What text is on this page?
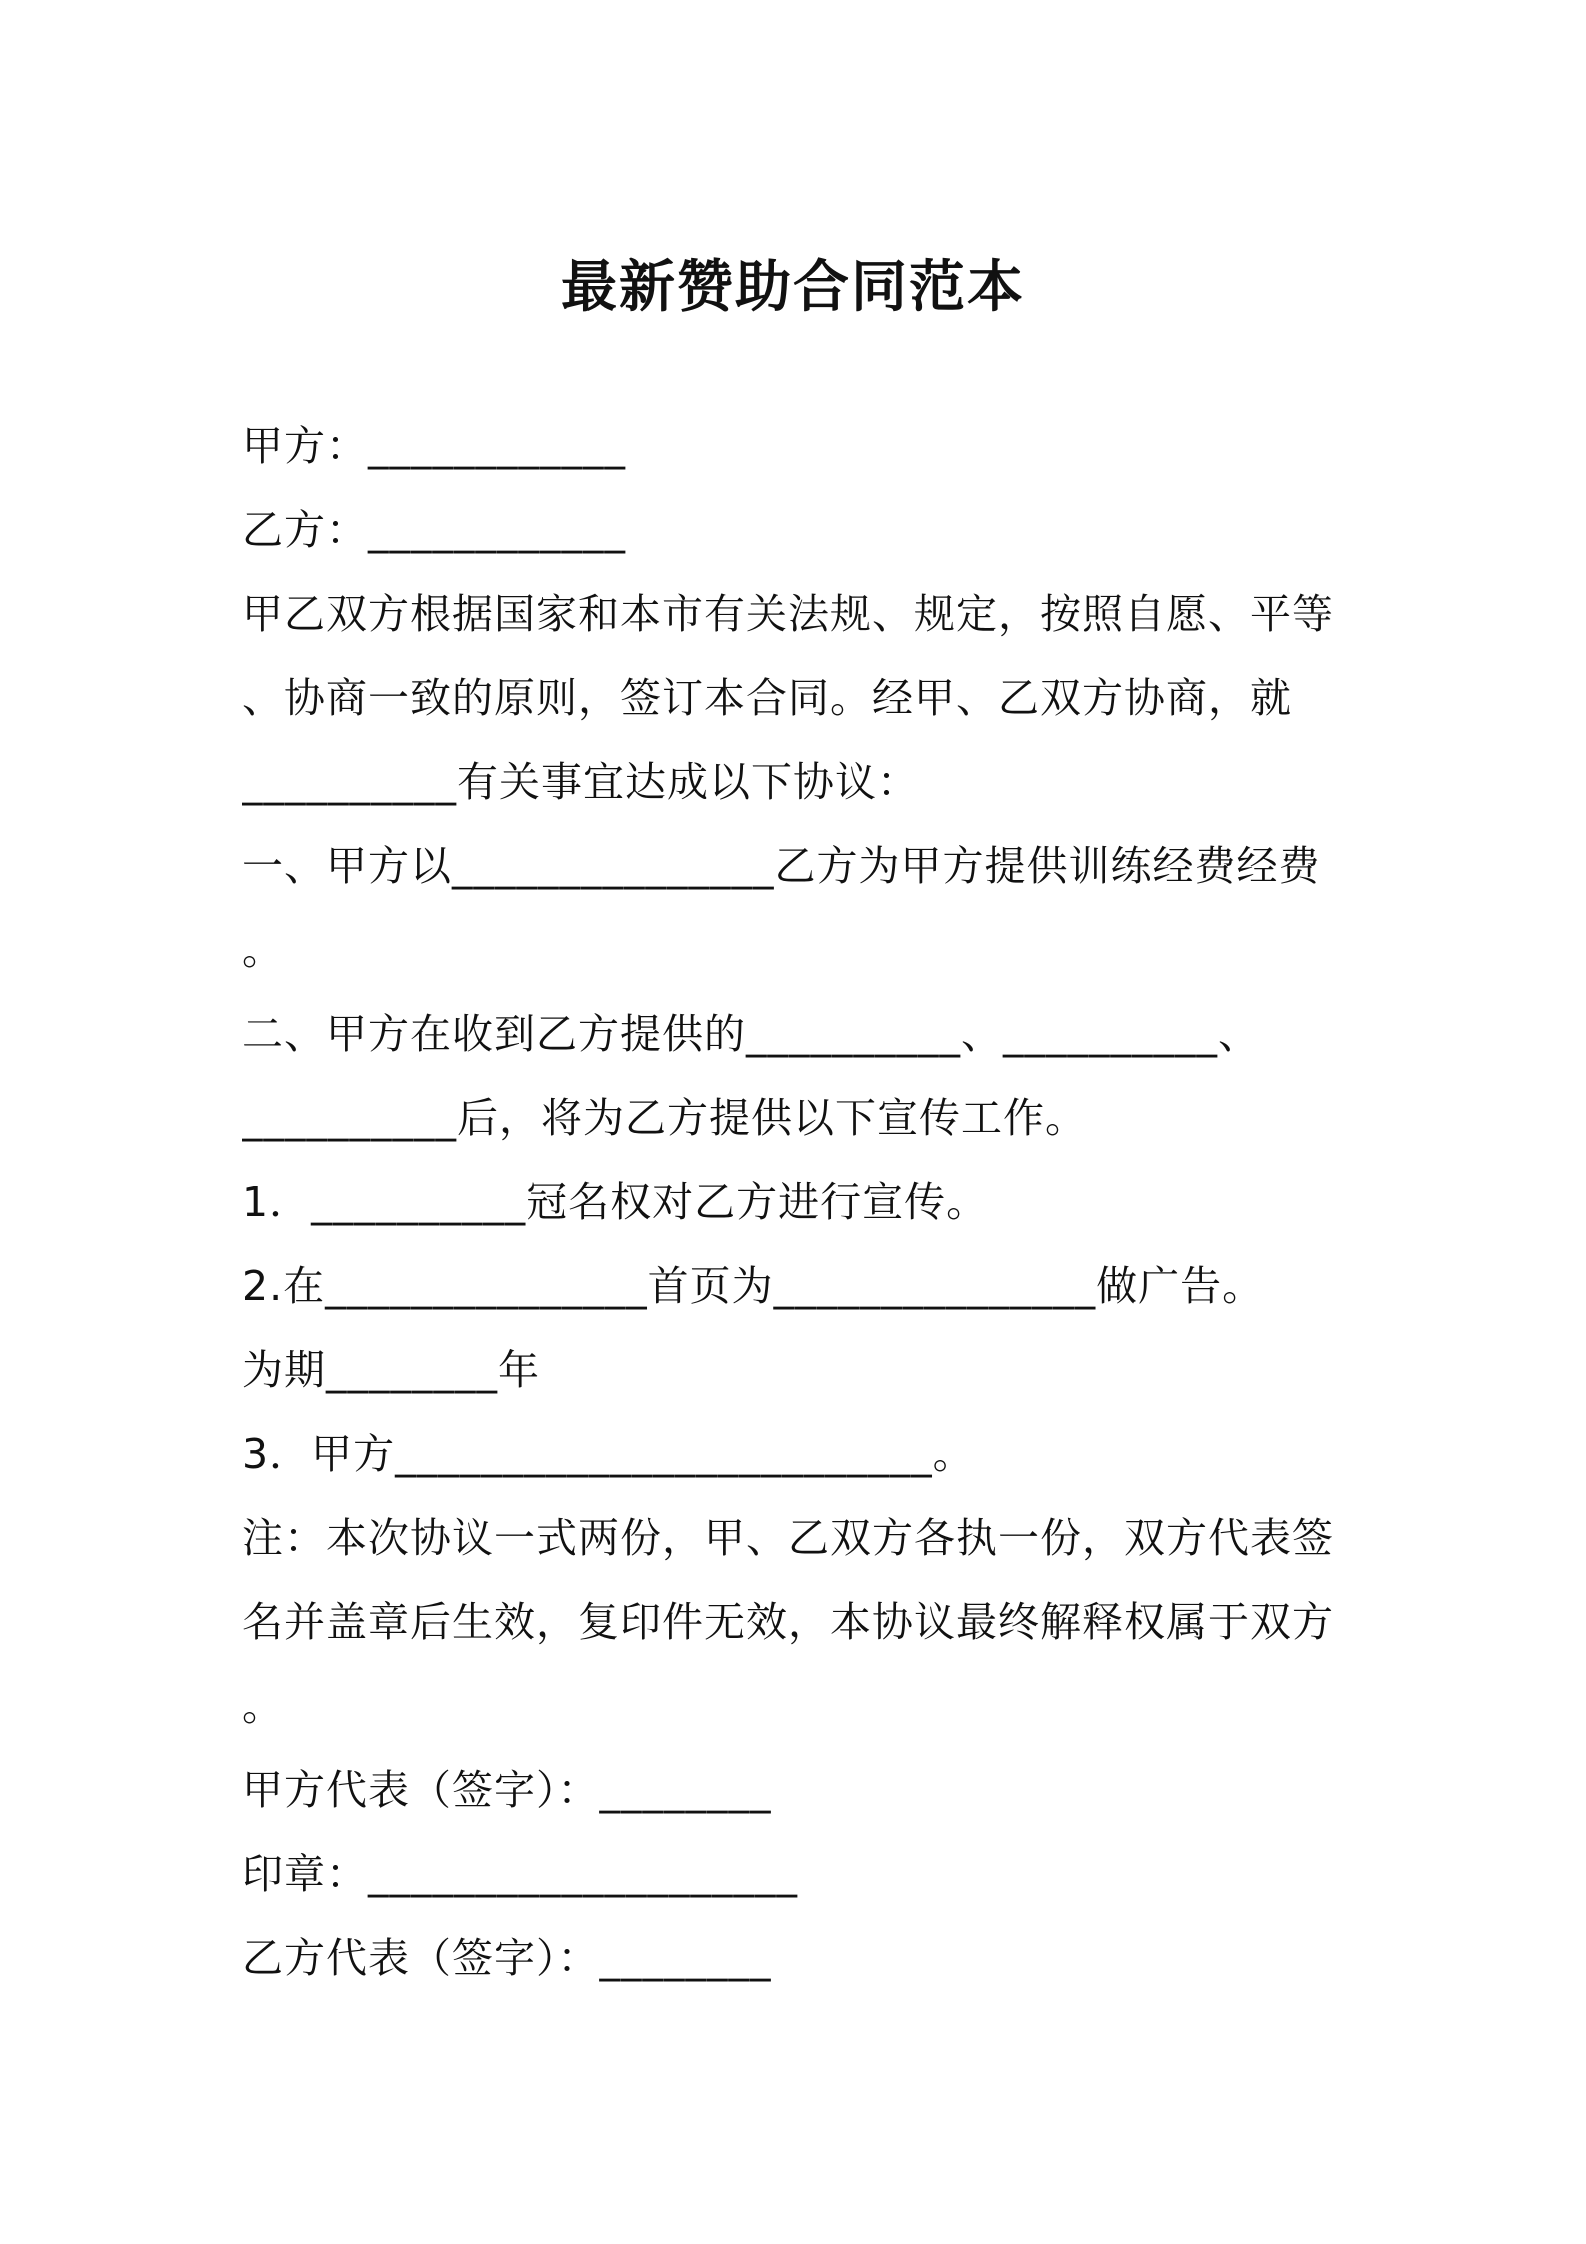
最新赞助合同范本
甲方：____________
乙方：____________
甲乙双方根据国家和本市有关法规、规定，按照自愿、平等
、协商一致的原则，签订本合同。经甲、乙双方协商，就
__________有关事宜达成以下协议：
一、甲方以_______________乙方为甲方提供训练经费经费
。
二、甲方在收到乙方提供的__________、__________、
__________后，将为乙方提供以下宣传工作。
1．__________冠名权对乙方进行宣传。
2.在_______________首页为_______________做广告。
为期________年
3．甲方_________________________。
注：本次协议一式两份，甲、乙双方各执一份，双方代表签
名并盖章后生效，复印件无效，本协议最终解释权属于双方
。
甲方代表（签字）：________
印章：____________________
乙方代表（签字）：________
